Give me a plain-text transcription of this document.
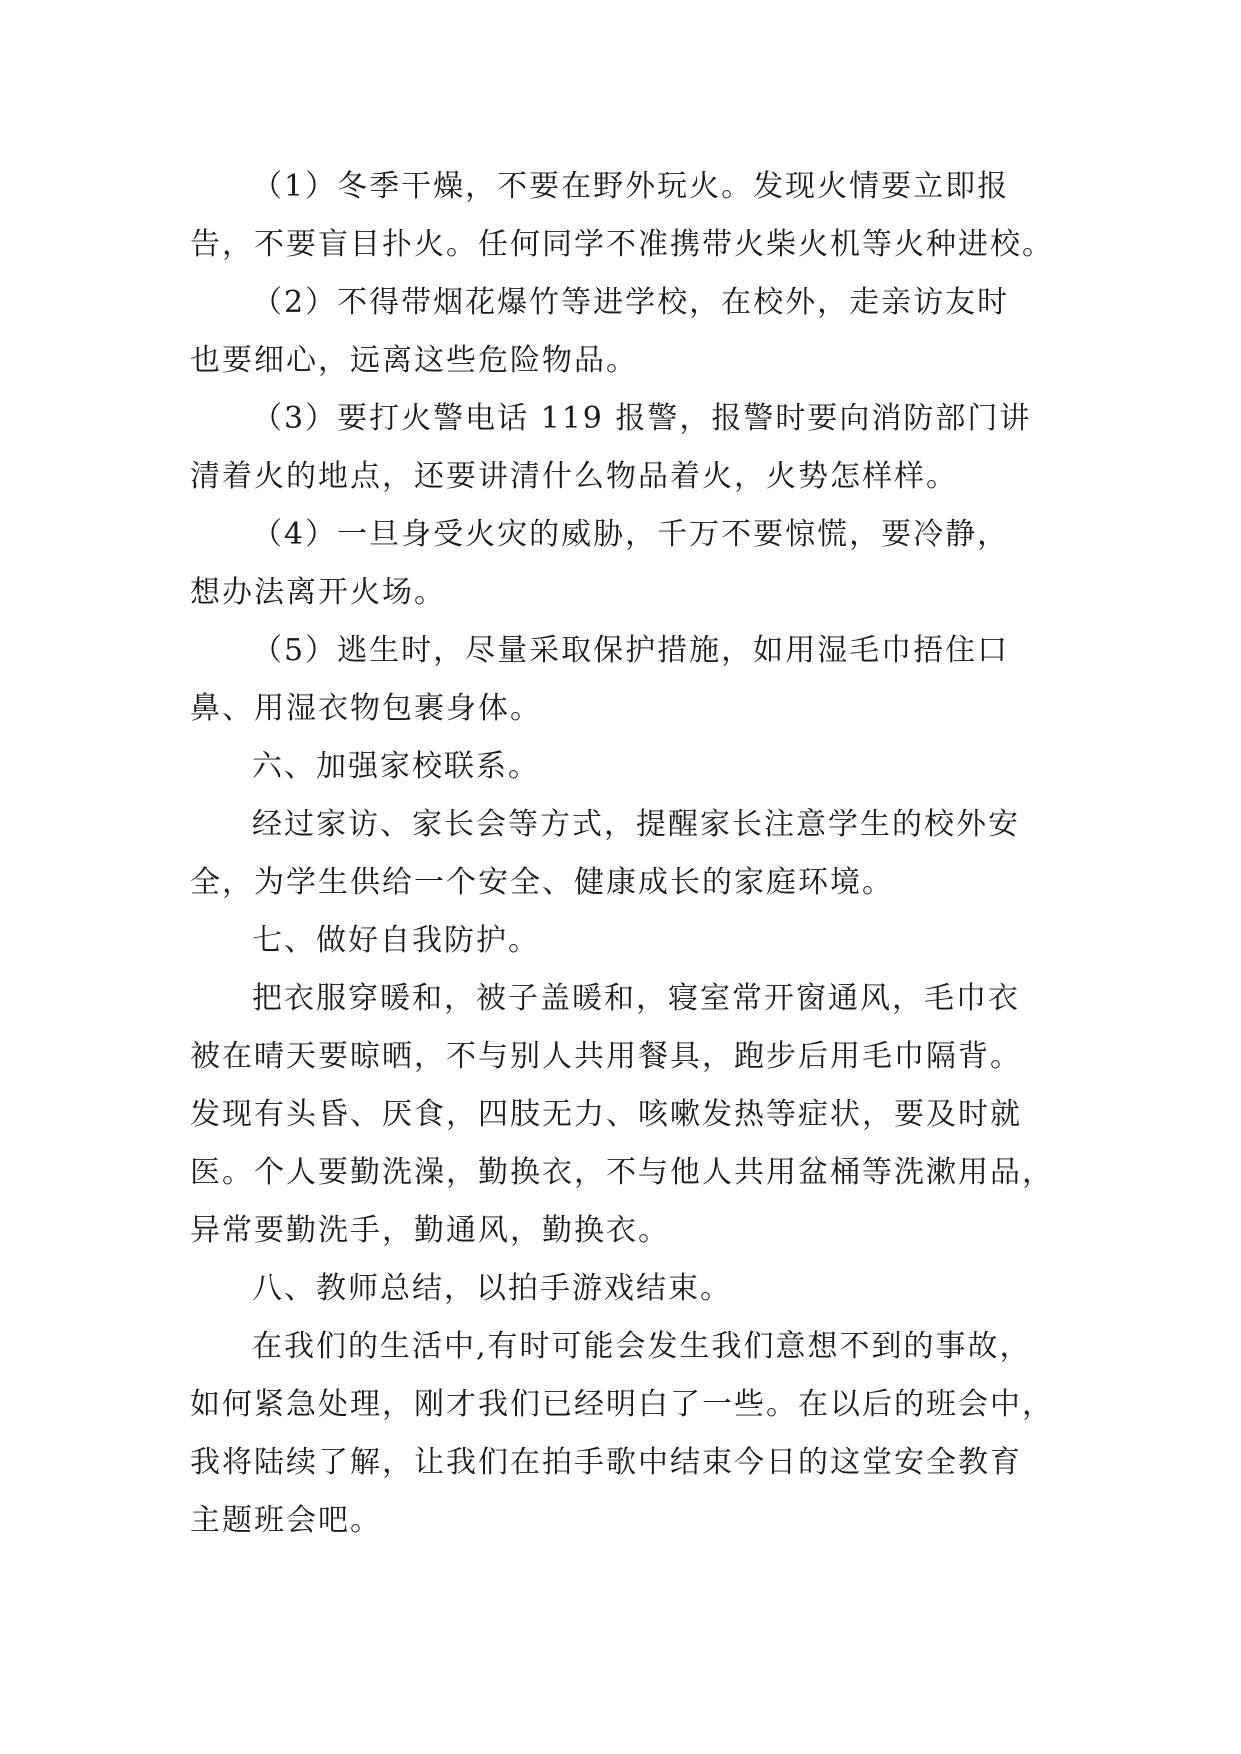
（1）冬季干燥，不要在野外玩火。发现火情要立即报
告，不要盲目扑火。任何同学不准携带火柴火机等火种进校。
（2）不得带烟花爆竹等进学校，在校外，走亲访友时
也要细心，远离这些危险物品。
（3）要打火警电话 119 报警，报警时要向消防部门讲
清着火的地点，还要讲清什么物品着火，火势怎样样。
（4）一旦身受火灾的威胁，千万不要惊慌，要冷静，
想办法离开火场。
（5）逃生时，尽量采取保护措施，如用湿毛巾捂住口
鼻、用湿衣物包裹身体。
六、加强家校联系。
经过家访、家长会等方式，提醒家长注意学生的校外安
全，为学生供给一个安全、健康成长的家庭环境。
七、做好自我防护。
把衣服穿暖和，被子盖暖和，寝室常开窗通风，毛巾衣
被在晴天要晾晒，不与别人共用餐具，跑步后用毛巾隔背。
发现有头昏、厌食，四肢无力、咳嗽发热等症状，要及时就
医。个人要勤洗澡，勤换衣，不与他人共用盆桶等洗漱用品，
异常要勤洗手，勤通风，勤换衣。
八、教师总结，以拍手游戏结束。
在我们的生活中,有时可能会发生我们意想不到的事故，
如何紧急处理，刚才我们已经明白了一些。在以后的班会中，
我将陆续了解，让我们在拍手歌中结束今日的这堂安全教育
主题班会吧。
